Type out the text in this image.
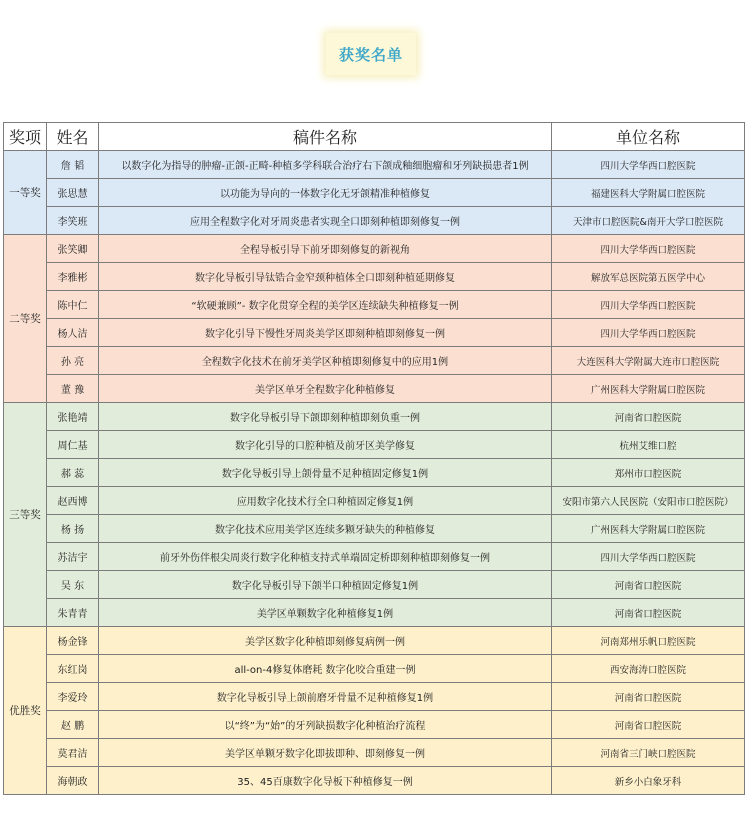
获奖名单
奖项	姓名	稿件名称	单位名称
一等奖	詹 韬	以数字化为指导的肿瘤-正颌-正畸-种植多学科联合治疗右下颌成釉细胞瘤和牙列缺损患者1例	四川大学华西口腔医院
	张思慧	以功能为导向的一体数字化无牙颌精准种植修复	福建医科大学附属口腔医院
	李笑班	应用全程数字化对牙周炎患者实现全口即刻种植即刻修复一例	天津市口腔医院&南开大学口腔医院
二等奖	张笑卿	全程导板引导下前牙即刻修复的新视角	四川大学华西口腔医院
	李雅彬	数字化导板引导钛锆合金窄颈种植体全口即刻种植延期修复	解放军总医院第五医学中心
	陈中仁	“软硬兼顾”- 数字化贯穿全程的美学区连续缺失种植修复一例	四川大学华西口腔医院
	杨人洁	数字化引导下慢性牙周炎美学区即刻种植即刻修复一例	四川大学华西口腔医院
	孙 亮	全程数字化技术在前牙美学区种植即刻修复中的应用1例	大连医科大学附属大连市口腔医院
	董 豫	美学区单牙全程数字化种植修复	广州医科大学附属口腔医院
三等奖	张艳靖	数字化导板引导下颌即刻种植即刻负重一例	河南省口腔医院
	周仁基	数字化引导的口腔种植及前牙区美学修复	杭州艾维口腔
	郝 蕊	数字化导板引导上颌骨量不足种植固定修复1例	郑州市口腔医院
	赵西博	应用数字化技术行全口种植固定修复1例	安阳市第六人民医院（安阳市口腔医院）
	杨 扬	数字化技术应用美学区连续多颗牙缺失的种植修复	广州医科大学附属口腔医院
	苏洁宇	前牙外伤伴根尖周炎行数字化种植支持式单端固定桥即刻种植即刻修复一例	四川大学华西口腔医院
	吴 东	数字化导板引导下颌半口种植固定修复1例	河南省口腔医院
	朱青青	美学区单颗数字化种植修复1例	河南省口腔医院
优胜奖	杨金锋	美学区数字化种植即刻修复病例一例	河南郑州乐帆口腔医院
	东红岗	all-on-4修复体磨耗 数字化咬合重建一例	西安海涛口腔医院
	李爱玲	数字化导板引导上颌前磨牙骨量不足种植修复1例	河南省口腔医院
	赵 鹏	以“终”为“始”的牙列缺损数字化种植治疗流程	河南省口腔医院
	莫君洁	美学区单颗牙数字化即拔即种、即刻修复一例	河南省三门峡口腔医院
	海朝政	35、45百康数字化导板下种植修复一例	新乡小白象牙科
